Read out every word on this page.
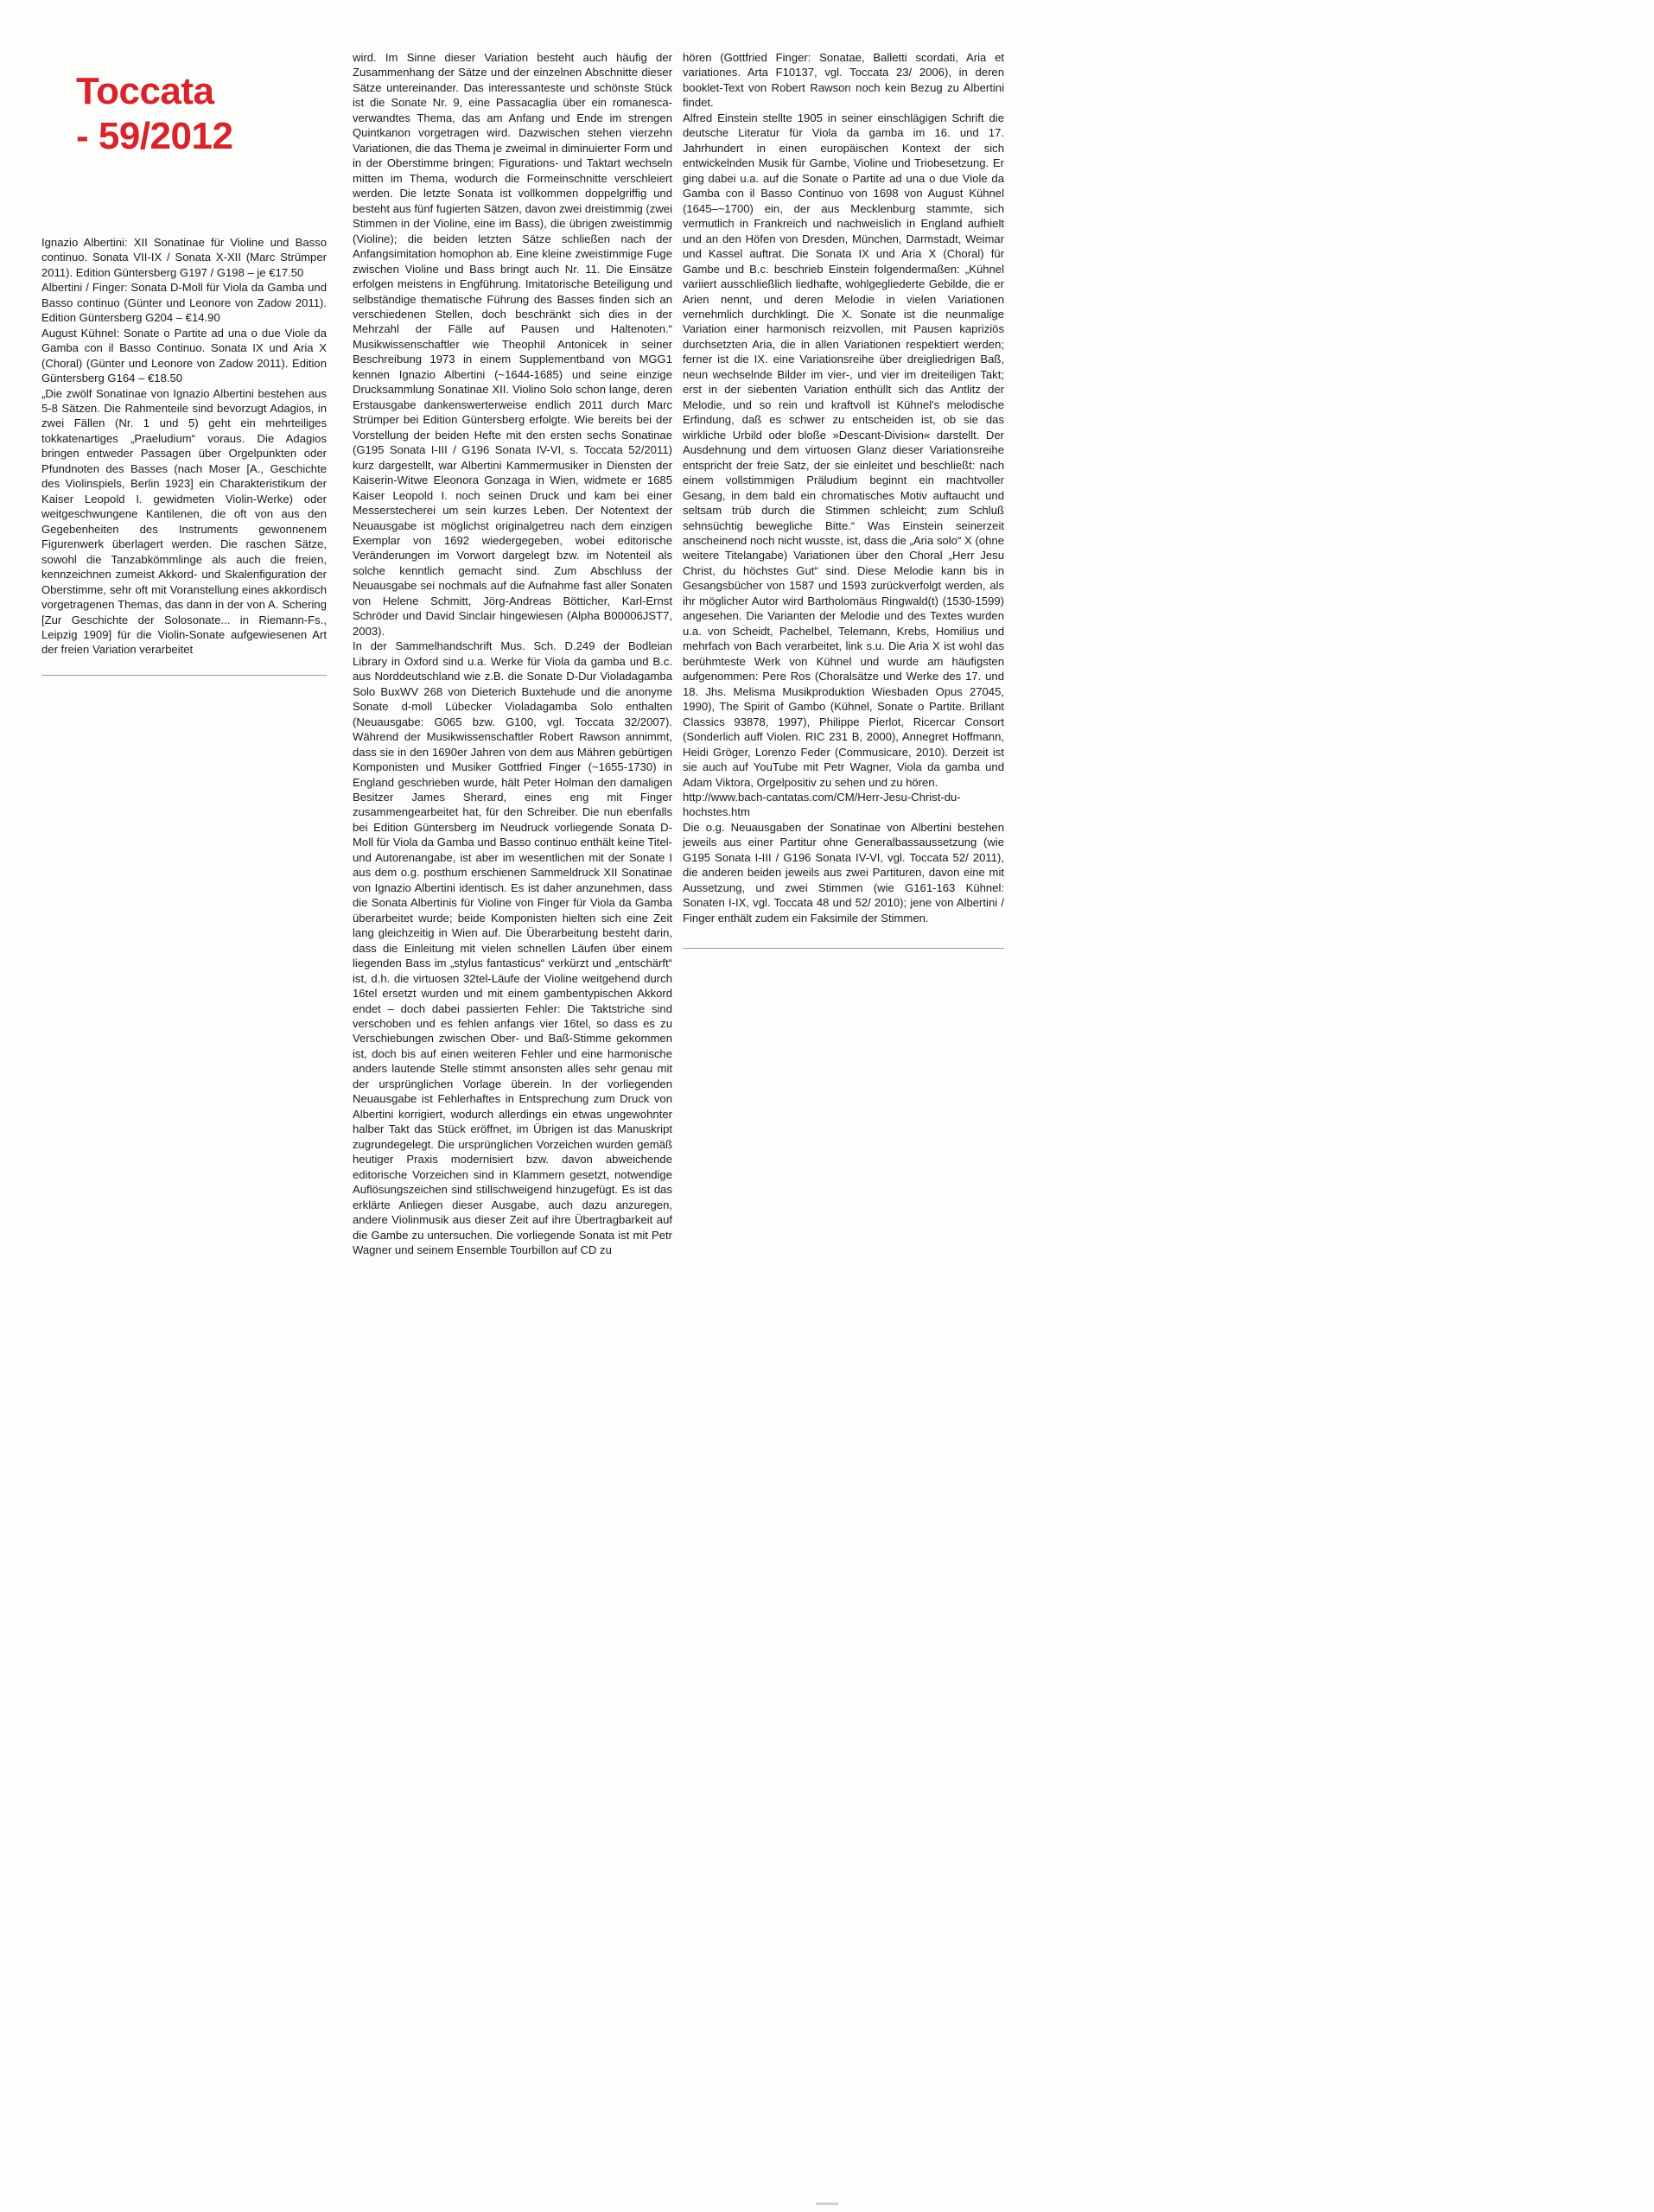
Toccata
- 59/2012

Ignazio Albertini: XII Sonatinae für Violine und Basso continuo. Sonata VII-IX / Sonata X-XII (Marc Strümper 2011). Edition Güntersberg G197 / G198 – je €17.50

Albertini / Finger: Sonata D-Moll für Viola da Gamba und Basso continuo (Günter und Leonore von Zadow 2011). Edition Güntersberg G204 – €14.90

August Kühnel: Sonate o Partite ad una o due Viole da Gamba con il Basso Continuo. Sonata IX und Aria X (Choral) (Günter und Leonore von Zadow 2011). Edition Güntersberg G164 – €18.50

„Die zwölf Sonatinae von Ignazio Albertini bestehen aus 5-8 Sätzen. Die Rahmenteile sind bevorzugt Adagios, in zwei Fällen (Nr. 1 und 5) geht ein mehrteiliges tokkatenartiges „Praeludium“ voraus. Die Adagios bringen entweder Passagen über Orgelpunkten oder Pfundnoten des Basses (nach Moser [A., Geschichte des Violinspiels, Berlin 1923] ein Charakteristikum der Kaiser Leopold I. gewidmeten Violin-Werke) oder weitgeschwungene Kantilenen, die oft von aus den Gegebenheiten des Instruments gewonnenem Figurenwerk überlagert werden. Die raschen Sätze, sowohl die Tanzabkömmlinge als auch die freien, kennzeichnen zumeist Akkord- und Skalenfiguration der Oberstimme, sehr oft mit Voranstellung eines akkordisch vorgetragenen Themas, das dann in der von A. Schering [Zur Geschichte der Solosonate... in Riemann-Fs., Leipzig 1909] für die Violin-Sonate aufgewiesenen Art der freien Variation verarbeitet

wird. Im Sinne dieser Variation besteht auch häufig der Zusammenhang der Sätze und der einzelnen Abschnitte dieser Sätze untereinander. Das interessanteste und schönste Stück ist die Sonate Nr. 9, eine Passacaglia über ein romanesca-verwandtes Thema, das am Anfang und Ende im strengen Quintkanon vorgetragen wird. Dazwischen stehen vierzehn Variationen, die das Thema je zweimal in diminuierter Form und in der Oberstimme bringen; Figurations- und Taktart wechseln mitten im Thema, wodurch die Formeinschnitte verschleiert werden. Die letzte Sonata ist vollkommen doppelgriffig und besteht aus fünf fugierten Sätzen, davon zwei dreistimmig (zwei Stimmen in der Violine, eine im Bass), die übrigen zweistimmig (Violine); die beiden letzten Sätze schließen nach der Anfangsimitation homophon ab. Eine kleine zweistimmige Fuge zwischen Violine und Bass bringt auch Nr. 11. Die Einsätze erfolgen meistens in Engführung. Imitatorische Beteiligung und selbständige thematische Führung des Basses finden sich an verschiedenen Stellen, doch beschränkt sich dies in der Mehrzahl der Fälle auf Pausen und Haltenoten.“ Musikwissenschaftler wie Theophil Antonicek in seiner Beschreibung 1973 in einem Supplementband von MGG1 kennen Ignazio Albertini (~1644-1685) und seine einzige Drucksammlung Sonatinae XII. Violino Solo schon lange, deren Erstausgabe dankenswerterweise endlich 2011 durch Marc Strümper bei Edition Güntersberg erfolgte. Wie bereits bei der Vorstellung der beiden Hefte mit den ersten sechs Sonatinae (G195 Sonata I-III / G196 Sonata IV-VI, s. Toccata 52/2011) kurz dargestellt, war Albertini Kammermusiker in Diensten der Kaiserin-Witwe Eleonora Gonzaga in Wien, widmete er 1685 Kaiser Leopold I. noch seinen Druck und kam bei einer Messerstecherei um sein kurzes Leben. Der Notentext der Neuausgabe ist möglichst originalgetreu nach dem einzigen Exemplar von 1692 wiedergegeben, wobei editorische Veränderungen im Vorwort dargelegt bzw. im Notenteil als solche kenntlich gemacht sind. Zum Abschluss der Neuausgabe sei nochmals auf die Aufnahme fast aller Sonaten von Helene Schmitt, Jörg-Andreas Bötticher, Karl-Ernst Schröder und David Sinclair hingewiesen (Alpha B00006JST7, 2003).

In der Sammelhandschrift Mus. Sch. D.249 der Bodleian Library in Oxford sind u.a. Werke für Viola da gamba und B.c. aus Norddeutschland wie z.B. die Sonate D-Dur Violadagamba Solo BuxWV 268 von Dieterich Buxtehude und die anonyme Sonate d-moll Lübecker Violadagamba Solo enthalten (Neuausgabe: G065 bzw. G100, vgl. Toccata 32/2007). Während der Musikwissenschaftler Robert Rawson annimmt, dass sie in den 1690er Jahren von dem aus Mähren gebürtigen Komponisten und Musiker Gottfried Finger (~1655-1730) in England geschrieben wurde, hält Peter Holman den damaligen Besitzer James Sherard, eines eng mit Finger zusammengearbeitet hat, für den Schreiber. Die nun ebenfalls bei Edition Güntersberg im Neudruck vorliegende Sonata D-Moll für Viola da Gamba und Basso continuo enthält keine Titel- und Autorenangabe, ist aber im wesentlichen mit der Sonate I aus dem o.g. posthum erschienen Sammeldruck XII Sonatinae von Ignazio Albertini identisch. Es ist daher anzunehmen, dass die Sonata Albertinis für Violine von Finger für Viola da Gamba überarbeitet wurde; beide Komponisten hielten sich eine Zeit lang gleichzeitig in Wien auf. Die Überarbeitung besteht darin, dass die Einleitung mit vielen schnellen Läufen über einem liegenden Bass im „stylus fantasticus“ verkürzt und „entschärft“ ist, d.h. die virtuosen 32tel-Läufe der Violine weitgehend durch 16tel ersetzt wurden und mit einem gambentypischen Akkord endet – doch dabei passierten Fehler: Die Taktstriche sind verschoben und es fehlen anfangs vier 16tel, so dass es zu Verschiebungen zwischen Ober- und Baß-Stimme gekommen ist, doch bis auf einen weiteren Fehler und eine harmonische anders lautende Stelle stimmt ansonsten alles sehr genau mit der ursprünglichen Vorlage überein. In der vorliegenden Neuausgabe ist Fehlerhaftes in Entsprechung zum Druck von Albertini korrigiert, wodurch allerdings ein etwas ungewohnter halber Takt das Stück eröffnet, im Übrigen ist das Manuskript zugrundegelegt. Die ursprünglichen Vorzeichen wurden gemäß heutiger Praxis modernisiert bzw. davon abweichende editorische Vorzeichen sind in Klammern gesetzt, notwendige Auflösungszeichen sind stillschweigend hinzugefügt. Es ist das erklärte Anliegen dieser Ausgabe, auch dazu anzuregen, andere Violinmusik aus dieser Zeit auf ihre Übertragbarkeit auf die Gambe zu untersuchen. Die vorliegende Sonata ist mit Petr Wagner und seinem Ensemble Tourbillon auf CD zu

hören (Gottfried Finger: Sonatae, Balletti scordati, Aria et variationes. Arta F10137, vgl. Toccata 23/ 2006), in deren booklet-Text von Robert Rawson noch kein Bezug zu Albertini findet.

Alfred Einstein stellte 1905 in seiner einschlägigen Schrift die deutsche Literatur für Viola da gamba im 16. und 17. Jahrhundert in einen europäischen Kontext der sich entwickelnden Musik für Gambe, Violine und Triobesetzung. Er ging dabei u.a. auf die Sonate o Partite ad una o due Viole da Gamba con il Basso Continuo von 1698 von August Kühnel (1645–~1700) ein, der aus Mecklenburg stammte, sich vermutlich in Frankreich und nachweislich in England aufhielt und an den Höfen von Dresden, München, Darmstadt, Weimar und Kassel auftrat. Die Sonata IX und Aria X (Choral) für Gambe und B.c. beschrieb Einstein folgendermaßen: „Kühnel variiert ausschließlich liedhafte, wohlgegliederte Gebilde, die er Arien nennt, und deren Melodie in vielen Variationen vernehmlich durchklingt. Die X. Sonate ist die neunmalige Variation einer harmonisch reizvollen, mit Pausen kapriziös durchsetzten Aria, die in allen Variationen respektiert werden; ferner ist die IX. eine Variationsreihe über dreigliedrigen Baß, neun wechselnde Bilder im vier-, und vier im dreiteiligen Takt; erst in der siebenten Variation enthüllt sich das Antlitz der Melodie, und so rein und kraftvoll ist Kühnel's melodische Erfindung, daß es schwer zu entscheiden ist, ob sie das wirkliche Urbild oder bloße »Descant-Division« darstellt. Der Ausdehnung und dem virtuosen Glanz dieser Variationsreihe entspricht der freie Satz, der sie einleitet und beschließt: nach einem vollstimmigen Präludium beginnt ein machtvoller Gesang, in dem bald ein chromatisches Motiv auftaucht und seltsam trüb durch die Stimmen schleicht; zum Schluß sehnsüchtig bewegliche Bitte.“ Was Einstein seinerzeit anscheinend noch nicht wusste, ist, dass die „Aria solo“ X (ohne weitere Titelangabe) Variationen über den Choral „Herr Jesu Christ, du höchstes Gut“ sind. Diese Melodie kann bis in Gesangsbücher von 1587 und 1593 zurückverfolgt werden, als ihr möglicher Autor wird Bartholomäus Ringwald(t) (1530-1599) angesehen. Die Varianten der Melodie und des Textes wurden u.a. von Scheidt, Pachelbel, Telemann, Krebs, Homilius und mehrfach von Bach verarbeitet, link s.u. Die Aria X ist wohl das berühmteste Werk von Kühnel und wurde am häufigsten aufgenommen: Pere Ros (Choralsätze und Werke des 17. und 18. Jhs. Melisma Musikproduktion Wiesbaden Opus 27045, 1990), The Spirit of Gambo (Kühnel, Sonate o Partite. Brillant Classics 93878, 1997), Philippe Pierlot, Ricercar Consort (Sonderlich auff Violen. RIC 231 B, 2000), Annegret Hoffmann, Heidi Gröger, Lorenzo Feder (Commusicare, 2010). Derzeit ist sie auch auf YouTube mit Petr Wagner, Viola da gamba und Adam Viktora, Orgelpositiv zu sehen und zu hören.

http://www.bach-cantatas.com/CM/Herr-Jesu-Christ-du-hochstes.htm

Die o.g. Neuausgaben der Sonatinae von Albertini bestehen jeweils aus einer Partitur ohne Generalbassaussetzung (wie G195 Sonata I-III / G196 Sonata IV-VI, vgl. Toccata 52/ 2011), die anderen beiden jeweils aus zwei Partituren, davon eine mit Aussetzung, und zwei Stimmen (wie G161-163 Kühnel: Sonaten I-IX, vgl. Toccata 48 und 52/ 2010); jene von Albertini / Finger enthält zudem ein Faksimile der Stimmen.
